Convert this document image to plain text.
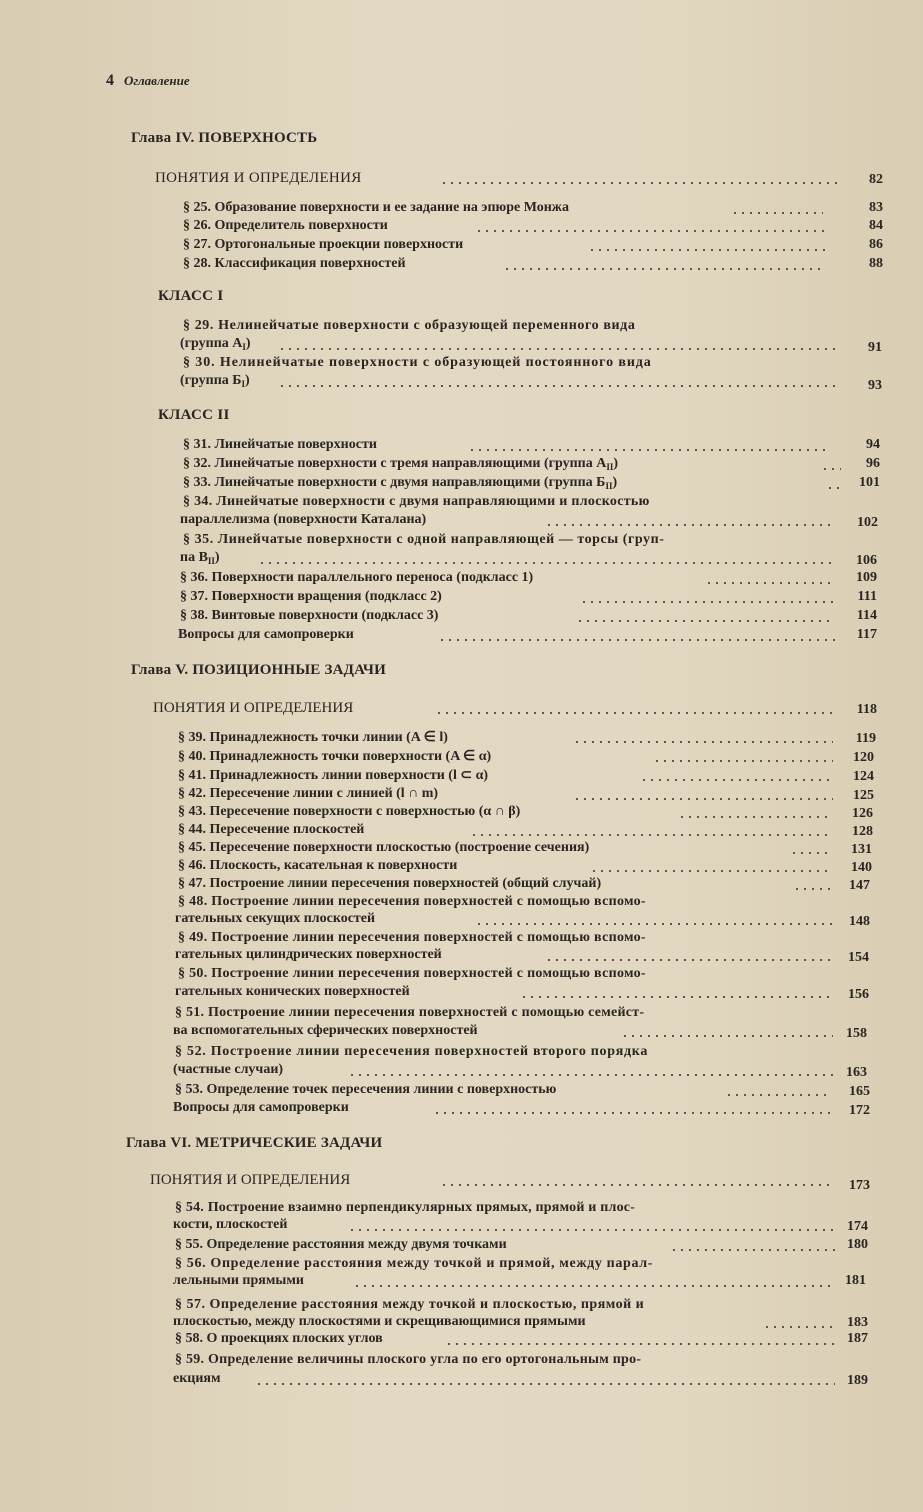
4 Оглавление
Глава IV. ПОВЕРХНОСТЬ
ПОНЯТИЯ И ОПРЕДЕЛЕНИЯ	82
§ 25. Образование поверхности и ее задание на эпюре Монжа	83
§ 26. Определитель поверхности	84
§ 27. Ортогональные проекции поверхности	86
§ 28. Классификация поверхностей	88
КЛАСС I
§ 29. Нелинейчатые поверхности с образующей переменного вида
(группа $A_I$)	91
§ 30. Нелинейчатые поверхности с образующей постоянного вида
(группа $Б_I$)	93
КЛАСС II
§ 31. Линейчатые поверхности	94
§ 32. Линейчатые поверхности с тремя направляющими (группа $A_{II}$)	96
§ 33. Линейчатые поверхности с двумя направляющими (группа $Б_{II}$)	101
§ 34. Линейчатые поверхности с двумя направляющими и плоскостью
параллелизма (поверхности Каталана)	102
§ 35. Линейчатые поверхности с одной направляющей — торсы (груп-
па $B_{II}$)	106
§ 36. Поверхности параллельного переноса (подкласс 1)	109
§ 37. Поверхности вращения (подкласс 2)	111
§ 38. Винтовые поверхности (подкласс 3)	114
Вопросы для самопроверки	117
Глава V. ПОЗИЦИОННЫЕ ЗАДАЧИ
ПОНЯТИЯ И ОПРЕДЕЛЕНИЯ	118
§ 39. Принадлежность точки линии (A ∈ l)	119
§ 40. Принадлежность точки поверхности (A ∈ α)	120
§ 41. Принадлежность линии поверхности (l ⊂ α)	124
§ 42. Пересечение линии с линией (l ∩ m)	125
§ 43. Пересечение поверхности с поверхностью (α ∩ β)	126
§ 44. Пересечение плоскостей	128
§ 45. Пересечение поверхности плоскостью (построение сечения)	131
§ 46. Плоскость, касательная к поверхности	140
§ 47. Построение линии пересечения поверхностей (общий случай)	147
§ 48. Построение линии пересечения поверхностей с помощью вспомо-
гательных секущих плоскостей	148
§ 49. Построение линии пересечения поверхностей с помощью вспомо-
гательных цилиндрических поверхностей	154
§ 50. Построение линии пересечения поверхностей с помощью вспомо-
гательных конических поверхностей	156
§ 51. Построение линии пересечения поверхностей с помощью семейст-
ва вспомогательных сферических поверхностей	158
§ 52. Построение линии пересечения поверхностей второго порядка
(частные случаи)	163
§ 53. Определение точек пересечения линии с поверхностью	165
Вопросы для самопроверки	172
Глава VI. МЕТРИЧЕСКИЕ ЗАДАЧИ
ПОНЯТИЯ И ОПРЕДЕЛЕНИЯ	173
§ 54. Построение взаимно перпендикулярных прямых, прямой и плос-
кости, плоскостей	174
§ 55. Определение расстояния между двумя точками	180
§ 56. Определение расстояния между точкой и прямой, между парал-
лельными прямыми	181
§ 57. Определение расстояния между точкой и плоскостью, прямой и
плоскостью, между плоскостями и скрещивающимися прямыми	183
§ 58. О проекциях плоских углов	187
§ 59. Определение величины плоского угла по его ортогональным про-
екциям	189
